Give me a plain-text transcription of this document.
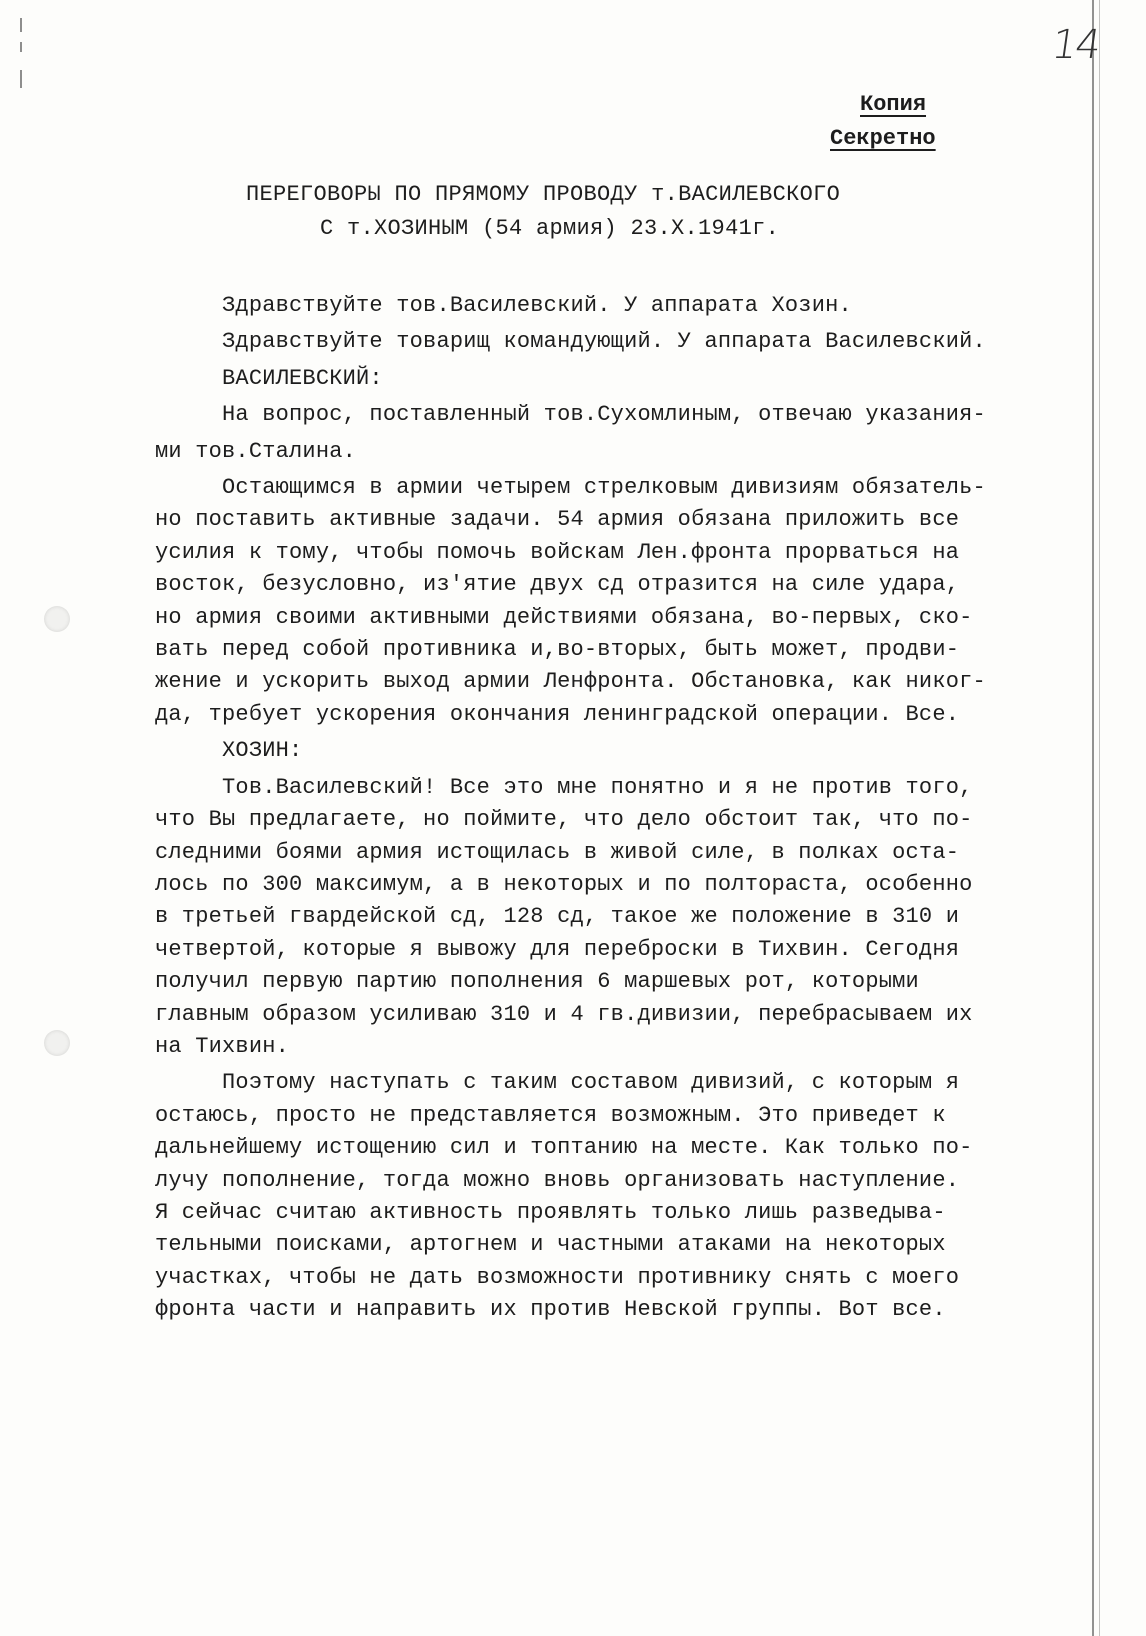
14
Копия
Секретно
ПЕРЕГОВОРЫ ПО ПРЯМОМУ ПРОВОДУ т.ВАСИЛЕВСКОГО
С т.ХОЗИНЫМ (54 армия) 23.Х.1941г.

Здравствуйте тов.Василевский. У аппарата Хозин.

Здравствуйте товарищ командующий. У аппарата Василевский.

ВАСИЛЕВСКИЙ:

На вопрос, поставленный тов.Сухомлиным, отвечаю указания-

ми тов.Сталина.

Остающимся в армии четырем стрелковым дивизиям обязатель-

но поставить активные задачи. 54 армия обязана приложить все

усилия к тому, чтобы помочь войскам Лен.фронта прорваться на

восток, безусловно, из'ятие двух сд отразится на силе удара,

но армия своими активными действиями обязана, во-первых, ско-

вать перед собой противника и,во-вторых, быть может, продви-

жение и ускорить выход армии Ленфронта. Обстановка, как никог-

да, требует ускорения окончания ленинградской операции. Все.

ХОЗИН:

Тов.Василевский! Все это мне понятно и я не против того,

что Вы предлагаете, но поймите, что дело обстоит так, что по-

следними боями армия истощилась в живой силе, в полках оста-

лось по 300 максимум, а в некоторых и по полтораста, особенно

в третьей гвардейской сд, 128 сд, такое же положение в 310 и

четвертой, которые я вывожу для переброски в Тихвин. Сегодня

получил первую партию пополнения 6 маршевых рот, которыми

главным образом усиливаю 310 и 4 гв.дивизии, перебрасываем их

на Тихвин.

Поэтому наступать с таким составом дивизий, с которым я

остаюсь, просто не представляется возможным. Это приведет к

дальнейшему истощению сил и топтанию на месте. Как только по-

лучу пополнение, тогда можно вновь организовать наступление.

Я сейчас считаю активность проявлять только лишь разведыва-

тельными поисками, артогнем и частными атаками на некоторых

участках, чтобы не дать возможности противнику снять с моего

фронта части и направить их против Невской группы. Вот все.
